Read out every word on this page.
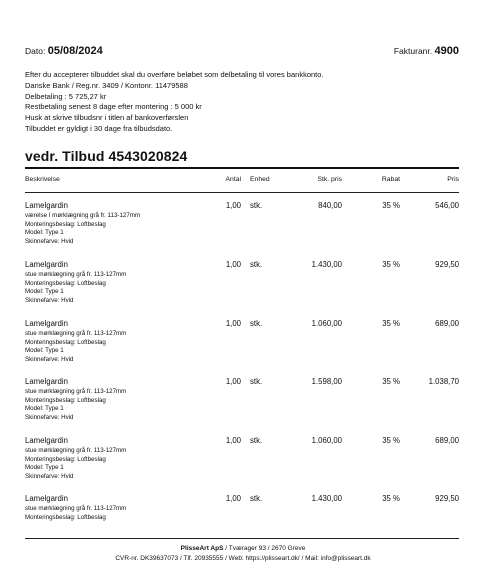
Dato: 05/08/2024	Fakturanr. 4900
Efter du accepterer tilbuddet skal du overføre beløbet som delbetaling til vores bankkonto.
Danske Bank / Reg.nr. 3409 / Kontonr. 11479588
Delbetaling : 5 725,27 kr
Restbetaling senest 8 dage efter montering : 5 000 kr
Husk at skrive tilbudsnr i titlen af bankoverførslen
Tilbuddet er gyldigt i 30 dage fra tilbudsdato.
vedr. Tilbud 4543020824
Beskrivelse	Antal Enhed	Stk. pris	Rabat	Pris
Lamelgardin
værelse I mørklægning grå fr. 113-127mm
Monteringsbeslag: Loftbeslag
Model: Type 1
Skinnefarve: Hvid
1,00 stk.	840,00	35 %	546,00
Lamelgardin
stue mørklægning grå fr. 113-127mm
Monteringsbeslag: Loftbeslag
Model: Type 1
Skinnefarve: Hvid
1,00 stk.	1.430,00	35 %	929,50
Lamelgardin
stue mørklægning grå fr. 113-127mm
Monteringsbeslag: Loftbeslag
Model: Type 1
Skinnefarve: Hvid
1,00 stk.	1.060,00	35 %	689,00
Lamelgardin
stue mørklægning grå fr. 113-127mm
Monteringsbeslag: Loftbeslag
Model: Type 1
Skinnefarve: Hvid
1,00 stk.	1.598,00	35 %	1.038,70
Lamelgardin
stue mørklægning grå fr. 113-127mm
Monteringsbeslag: Loftbeslag
Model: Type 1
Skinnefarve: Hvid
1,00 stk.	1.060,00	35 %	689,00
Lamelgardin
stue mørklægning grå fr. 113-127mm
Monteringsbeslag: Loftbeslag
1,00 stk.	1.430,00	35 %	929,50
PlisseArt ApS / Tværager 93 / 2670 Greve
CVR-nr. DK39637073 / Tlf. 20935555 / Web: https://plisseart.dk/ / Mail: info@plisseart.dk
